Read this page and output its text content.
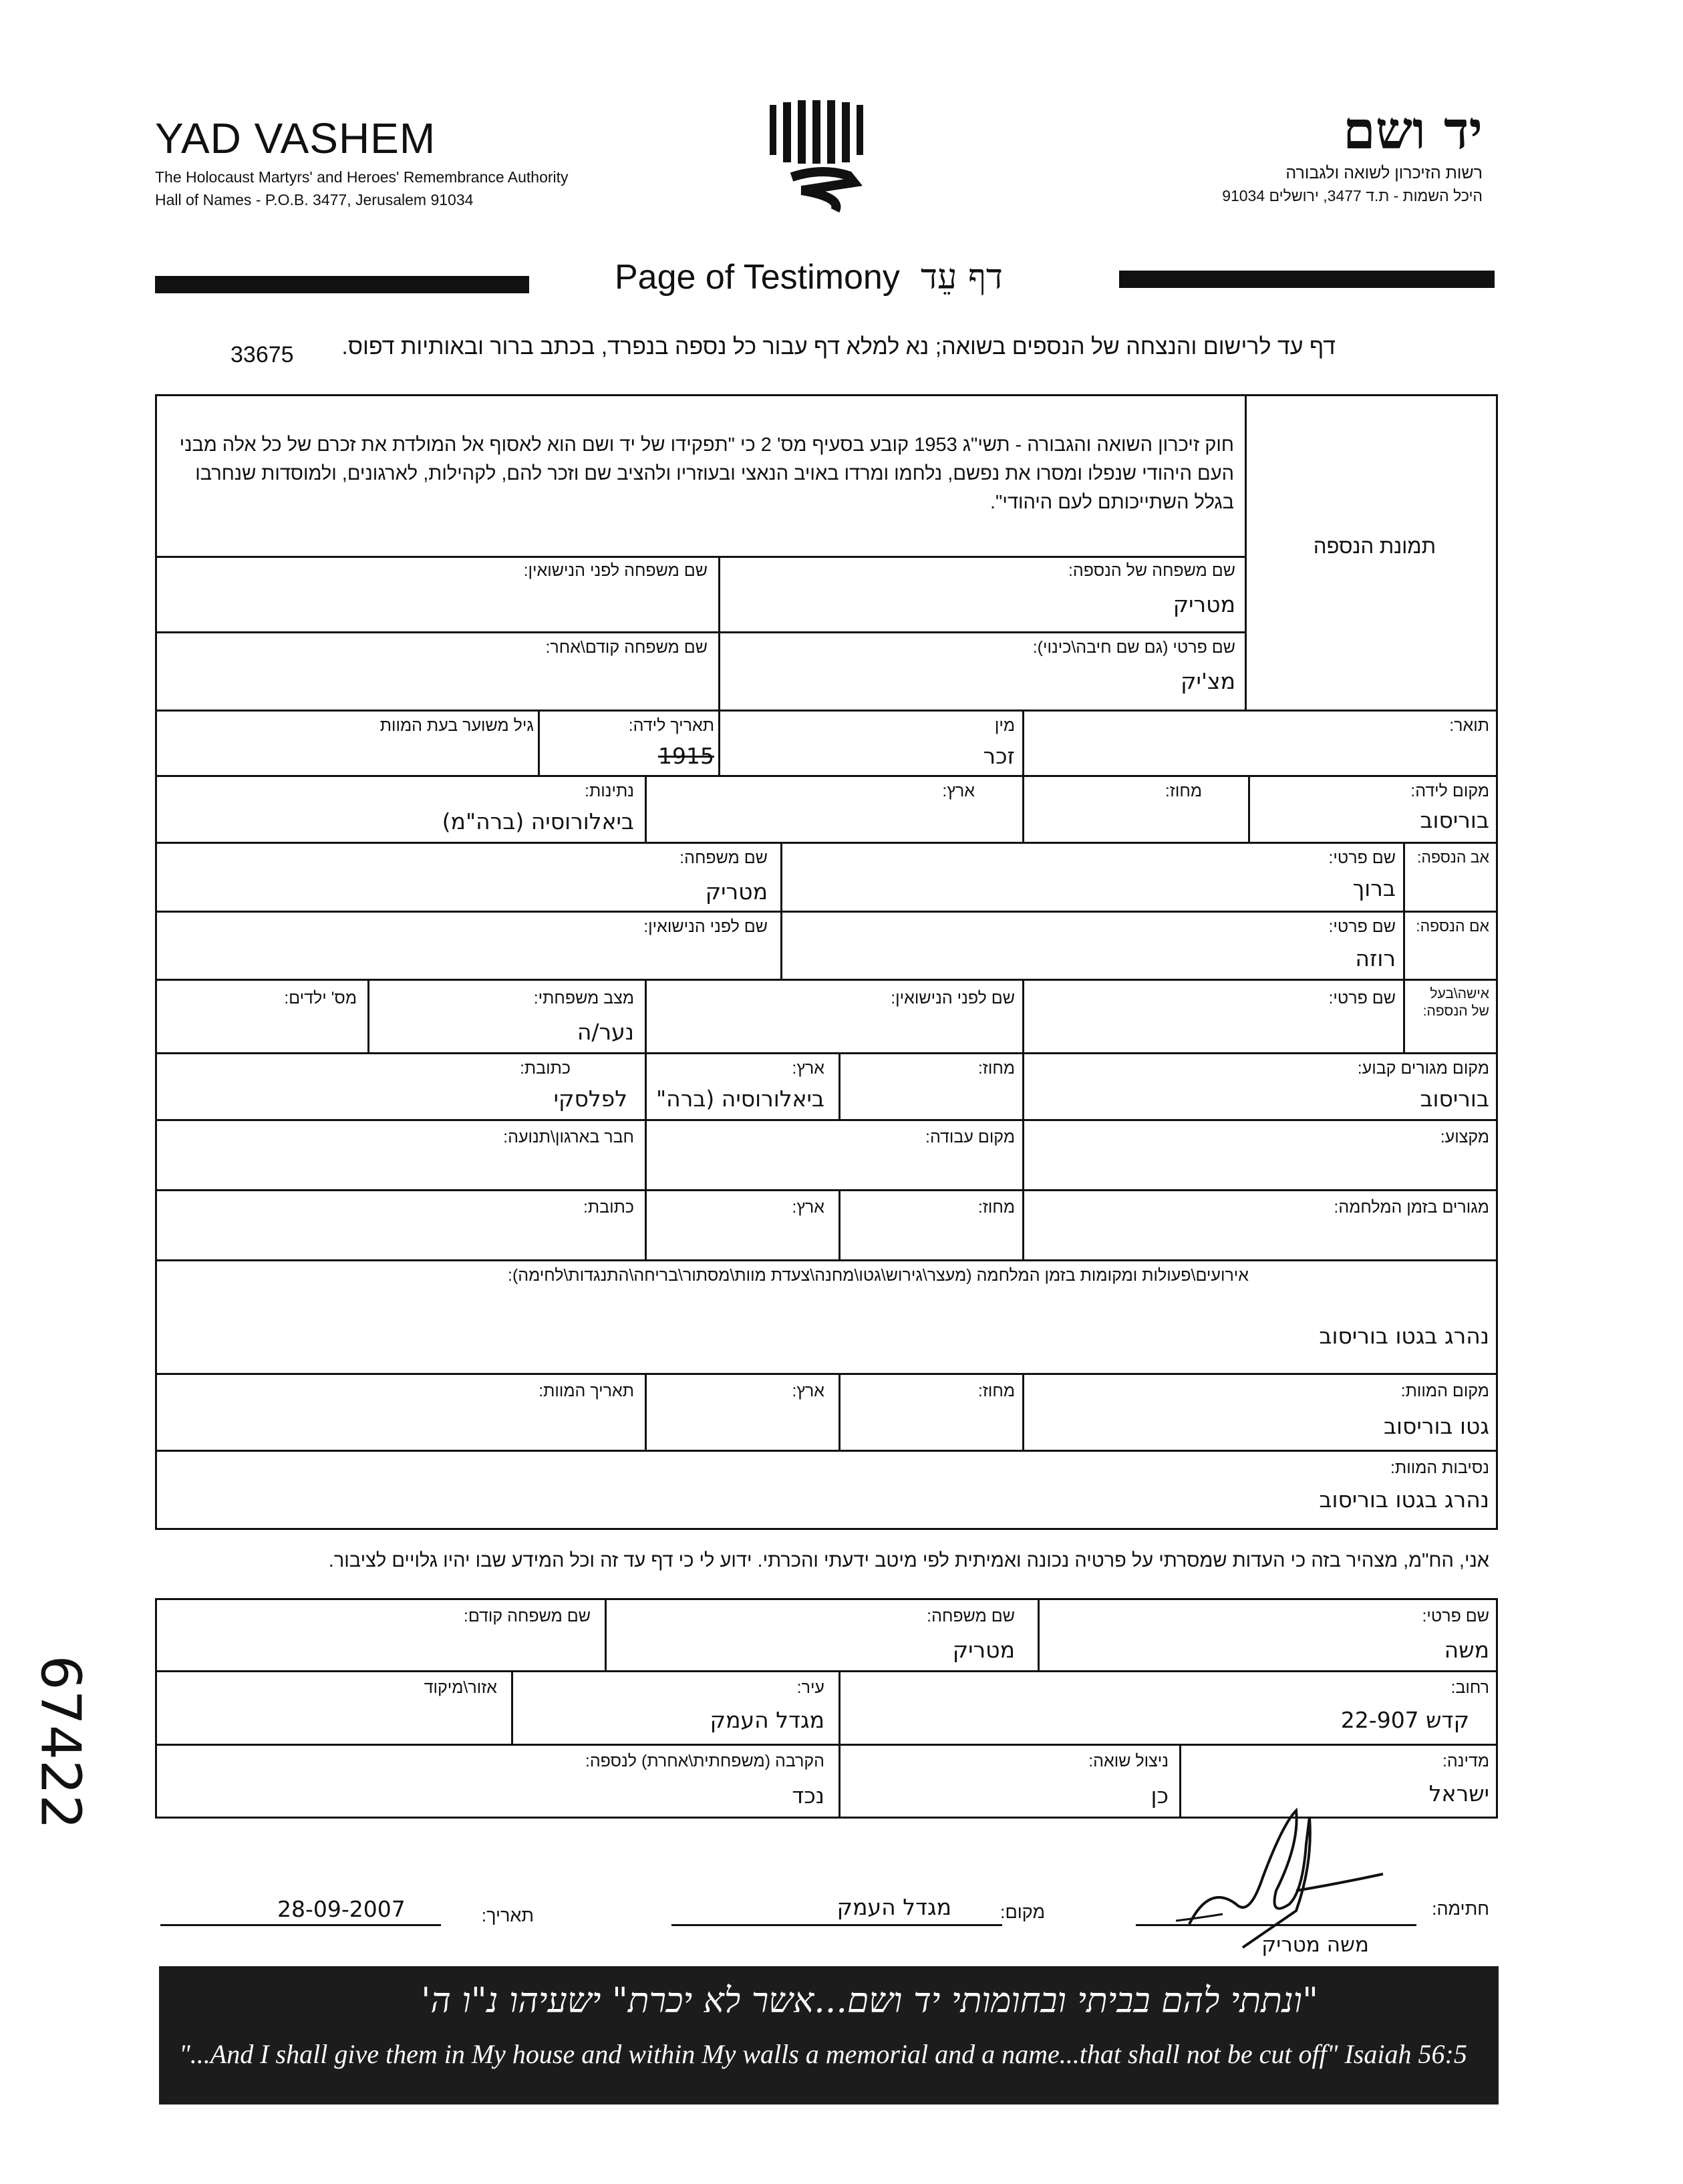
YAD VASHEM
The Holocaust Martyrs' and Heroes' Remembrance Authority
Hall of Names - P.O.B. 3477, Jerusalem 91034
יד ושם
רשות הזיכרון לשואה ולגבורה
היכל השמות - ת.ד 3477, ירושלים 91034
Page of Testimony דף עֵד
דף עד לרישום והנצחה של הנספים בשואה; נא למלא דף עבור כל נספה בנפרד, בכתב ברור ובאותיות דפוס.
33675
תמונת הנספה
חוק זיכרון השואה והגבורה - תשי"ג 1953 קובע בסעיף מס' 2 כי "תפקידו של יד ושם הוא לאסוף אל המולדת את זכרם של כל אלה מבני העם היהודי שנפלו ומסרו את נפשם, נלחמו ומרדו באויב הנאצי ובעוזריו ולהציב שם וזכר להם, לקהילות, לארגונים, ולמוסדות שנחרבו בגלל השתייכותם לעם היהודי".
שם משפחה של הנספה:
מטריק
שם משפחה לפני הנישואין:
שם פרטי (גם שם חיבה\כינוי):
מצ'יק
שם משפחה קודם\אחר:
תואר:
מין
זכר
תאריך לידה:
1915
גיל משוער בעת המוות
מקום לידה:
בוריסוב
מחוז:
ארץ:
נתינות:
ביאלורוסיה (ברה"מ)
אב הנספה:
שם פרטי:
ברוך
שם משפחה:
מטריק
אם הנספה:
שם פרטי:
רוזה
שם לפני הנישואין:
אישה\בעל של הנספה:
שם פרטי:
שם לפני הנישואין:
מצב משפחתי:
נער/ה
מס' ילדים:
מקום מגורים קבוע:
בוריסוב
מחוז:
ארץ:
ביאלורוסיה (ברה"
כתובת:
לפלסקי
מקצוע:
מקום עבודה:
חבר בארגון\תנועה:
מגורים בזמן המלחמה:
מחוז:
ארץ:
כתובת:
אירועים\פעולות ומקומות בזמן המלחמה (מעצר\גירוש\גטו\מחנה\צעדת מוות\מסתור\בריחה\התנגדות\לחימה):
נהרג בגטו בוריסוב
מקום המוות:
גטו בוריסוב
מחוז:
ארץ:
תאריך המוות:
נסיבות המוות:
נהרג בגטו בוריסוב
אני, הח"מ, מצהיר בזה כי העדות שמסרתי על פרטיה נכונה ואמיתית לפי מיטב ידעתי והכרתי. ידוע לי כי דף עד זה וכל המידע שבו יהיו גלויים לציבור.
שם פרטי:
משה
שם משפחה:
מטריק
שם משפחה קודם:
רחוב:
קדש 22-907
עיר:
מגדל העמק
אזור\מיקוד
מדינה:
ישראל
ניצול שואה:
כן
הקרבה (משפחתית\אחרת) לנספה:
נכד
חתימה:
משה מטריק
מקום:
מגדל העמק
תאריך:
28-09-2007
"ונתתי להם בביתי ובחומותי יד ושם...אשר לא יכרת" ישעיהו נ"ו ה'
"...And I shall give them in My house and within My walls a memorial and a name...that shall not be cut off" Isaiah 56:5
67422
